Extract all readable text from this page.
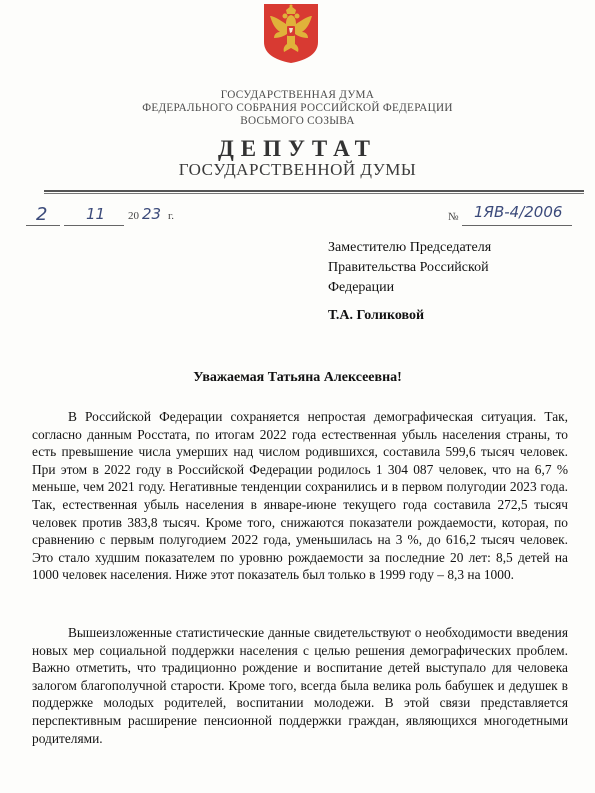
ГОСУДАРСТВЕННАЯ ДУМА
ФЕДЕРАЛЬНОГО СОБРАНИЯ РОССИЙСКОЙ ФЕДЕРАЦИИ
ВОСЬМОГО СОЗЫВА
ДЕПУТАТ
ГОСУДАРСТВЕННОЙ ДУМЫ
2	11 20 23 г.	№ 1ЯВ-4/2006
Заместителю Председателя
Правительства Российской
Федерации
Т.А. Голиковой
Уважаемая Татьяна Алексеевна!

В Российской Федерации сохраняется непростая демографическая ситуация. Так, согласно данным Росстата, по итогам 2022 года естественная убыль населения страны, то есть превышение числа умерших над числом родившихся, составила 599,6 тысяч человек. При этом в 2022 году в Российской Федерации родилось 1 304 087 человек, что на 6,7 % меньше, чем 2021 году. Негативные тенденции сохранились и в первом полугодии 2023 года. Так, естественная убыль населения в январе-июне текущего года составила 272,5 тысяч человек против 383,8 тысяч. Кроме того, снижаются показатели рождаемости, которая, по сравнению с первым полугодием 2022 года, уменьшилась на 3 %, до 616,2 тысяч человек. Это стало худшим показателем по уровню рождаемости за последние 20 лет: 8,5 детей на 1000 человек населения. Ниже этот показатель был только в 1999 году – 8,3 на 1000.

Вышеизложенные статистические данные свидетельствуют о необходимости введения новых мер социальной поддержки населения с целью решения демографических проблем. Важно отметить, что традиционно рождение и воспитание детей выступало для человека залогом благополучной старости. Кроме того, всегда была велика роль бабушек и дедушек в поддержке молодых родителей, воспитании молодежи. В этой связи представляется перспективным расширение пенсионной поддержки граждан, являющихся многодетными родителями.
